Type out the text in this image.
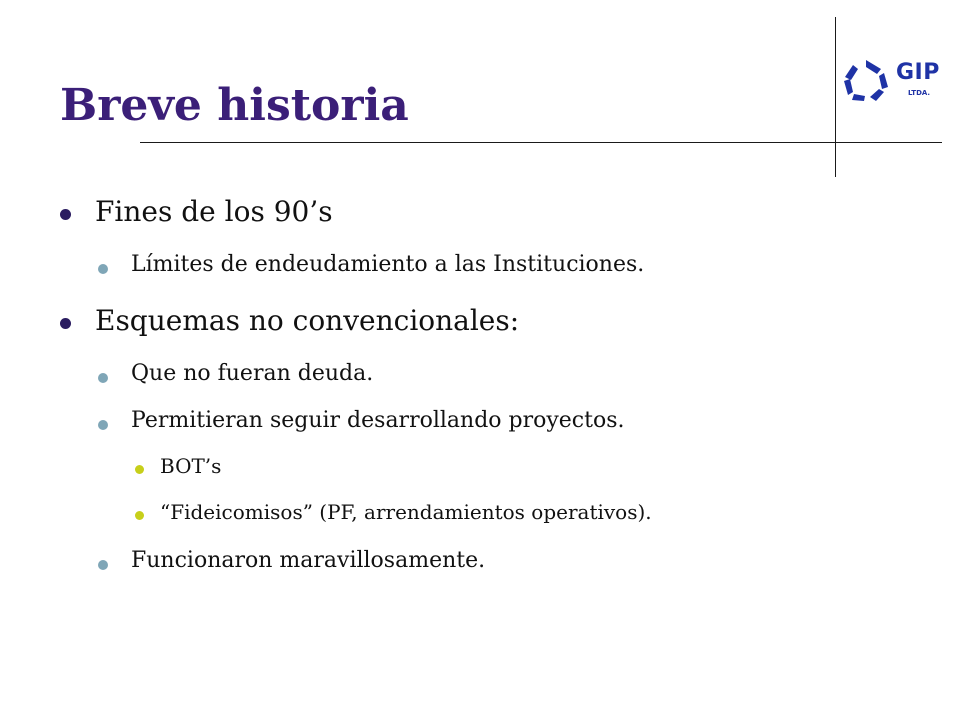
Breve historia
GIP
LTDA.
Fines de los 90’s
Límites de endeudamiento a las Instituciones.
Esquemas no convencionales:
Que no fueran deuda.
Permitieran seguir desarrollando proyectos.
BOT’s
“Fideicomisos” (PF, arrendamientos operativos).
Funcionaron maravillosamente.
